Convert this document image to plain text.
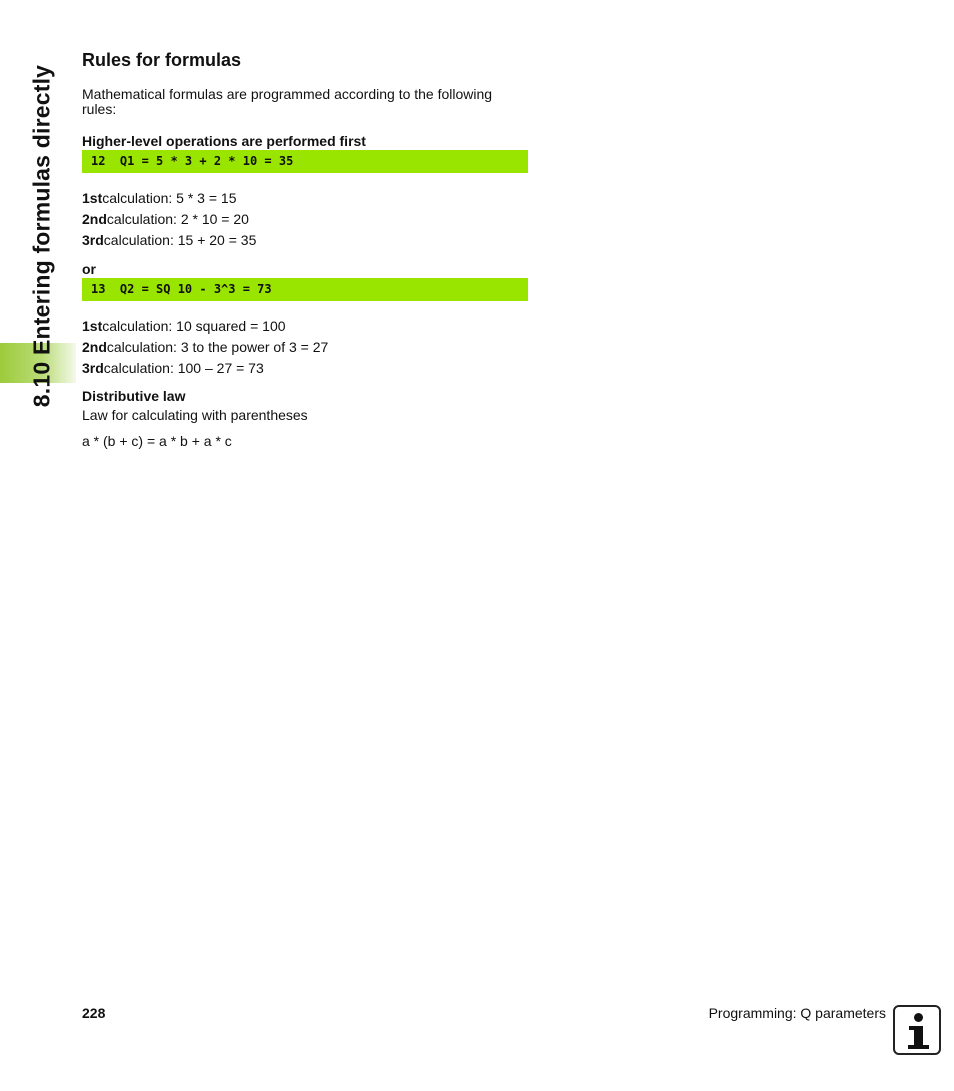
8.10 Entering formulas directly
Rules for formulas

Mathematical formulas are programmed according to the following rules:

Higher-level operations are performed first

12  Q1 = 5 * 3 + 2 * 10 = 35

1stcalculation: 5 * 3 = 15

2ndcalculation: 2 * 10 = 20

3rdcalculation: 15 + 20 = 35

or

13  Q2 = SQ 10 - 3^3 = 73

1stcalculation: 10 squared = 100

2ndcalculation: 3 to the power of 3 = 27

3rdcalculation: 100 – 27 = 73

Distributive law

Law for calculating with parentheses

a * (b + c) = a * b + a * c

228	Programming: Q parameters
